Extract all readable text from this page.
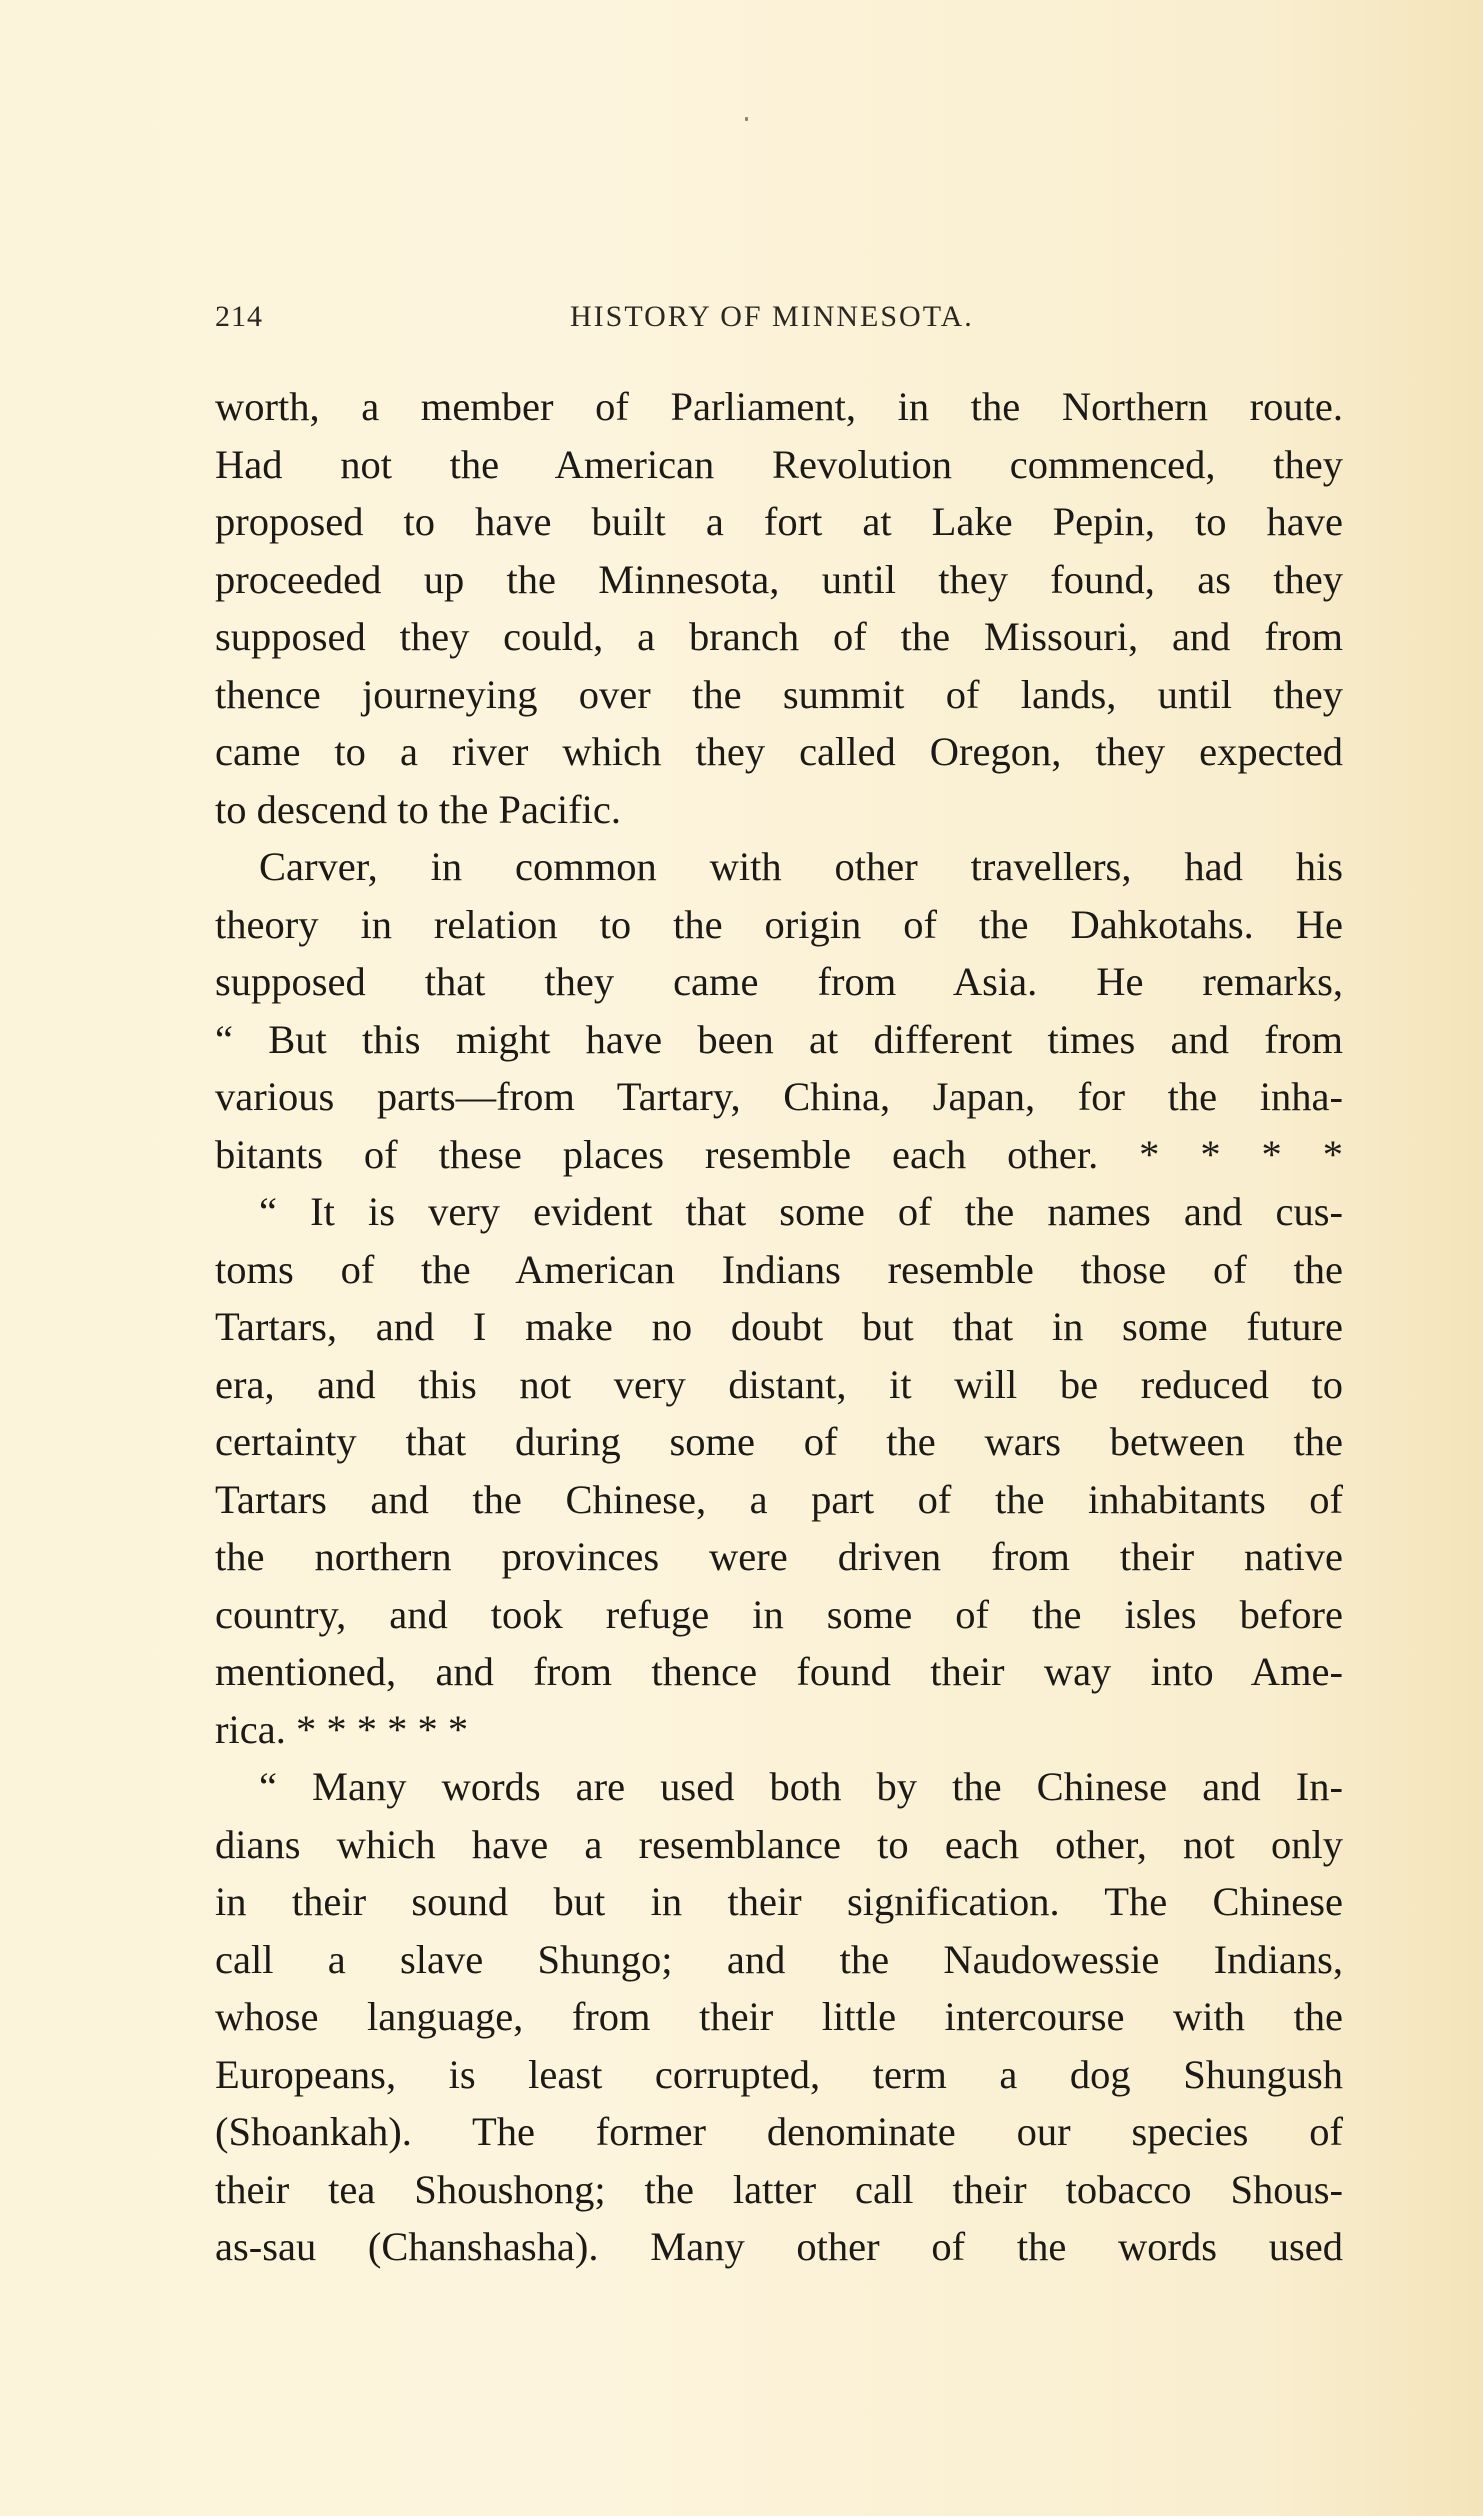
214	HISTORY OF MINNESOTA.
worth, a member of Parliament, in the Northern route.
Had not the American Revolution commenced, they
proposed to have built a fort at Lake Pepin, to have
proceeded up the Minnesota, until they found, as they
supposed they could, a branch of the Missouri, and from
thence journeying over the summit of lands, until they
came to a river which they called Oregon, they expected
to descend to the Pacific.
Carver, in common with other travellers, had his
theory in relation to the origin of the Dahkotahs. He
supposed that they came from Asia. He remarks,
“ But this might have been at different times and from
various parts—from Tartary, China, Japan, for the inha-
bitants of these places resemble each other. * * * *
“ It is very evident that some of the names and cus-
toms of the American Indians resemble those of the
Tartars, and I make no doubt but that in some future
era, and this not very distant, it will be reduced to
certainty that during some of the wars between the
Tartars and the Chinese, a part of the inhabitants of
the northern provinces were driven from their native
country, and took refuge in some of the isles before
mentioned, and from thence found their way into Ame-
rica. * * * * * *
“ Many words are used both by the Chinese and In-
dians which have a resemblance to each other, not only
in their sound but in their signification. The Chinese
call a slave Shungo; and the Naudowessie Indians,
whose language, from their little intercourse with the
Europeans, is least corrupted, term a dog Shungush
(Shoankah). The former denominate our species of
their tea Shoushong; the latter call their tobacco Shous-
as-sau (Chanshasha). Many other of the words used
